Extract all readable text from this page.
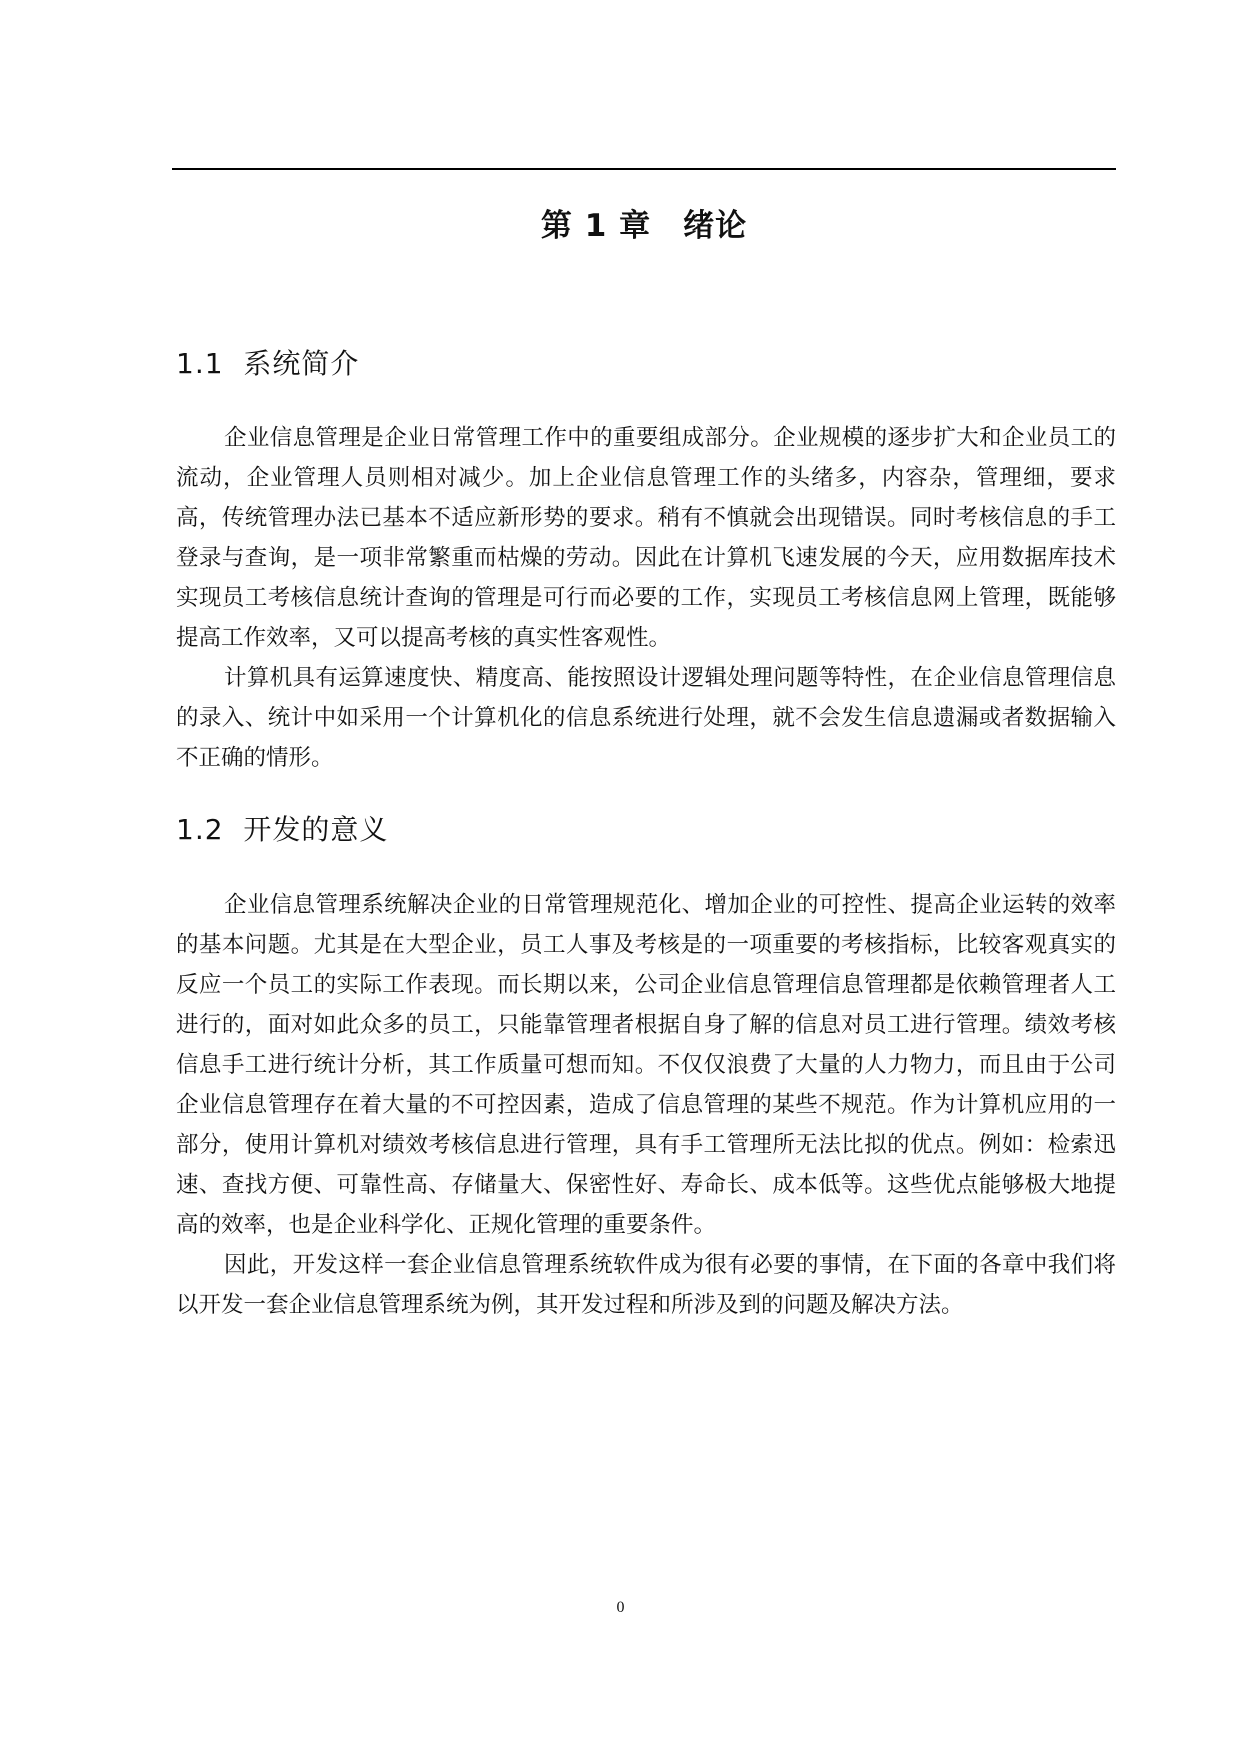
第 1 章　绪论
1.1  系统简介

企业信息管理是企业日常管理工作中的重要组成部分。企业规模的逐步扩大和企业员工的流动，企业管理人员则相对减少。加上企业信息管理工作的头绪多，内容杂，管理细，要求高，传统管理办法已基本不适应新形势的要求。稍有不慎就会出现错误。同时考核信息的手工登录与查询，是一项非常繁重而枯燥的劳动。因此在计算机飞速发展的今天，应用数据库技术实现员工考核信息统计查询的管理是可行而必要的工作，实现员工考核信息网上管理，既能够提高工作效率，又可以提高考核的真实性客观性。

计算机具有运算速度快、精度高、能按照设计逻辑处理问题等特性，在企业信息管理信息的录入、统计中如采用一个计算机化的信息系统进行处理，就不会发生信息遗漏或者数据输入不正确的情形。

1.2  开发的意义

企业信息管理系统解决企业的日常管理规范化、增加企业的可控性、提高企业运转的效率的基本问题。尤其是在大型企业，员工人事及考核是的一项重要的考核指标，比较客观真实的反应一个员工的实际工作表现。而长期以来，公司企业信息管理信息管理都是依赖管理者人工进行的，面对如此众多的员工，只能靠管理者根据自身了解的信息对员工进行管理。绩效考核信息手工进行统计分析，其工作质量可想而知。不仅仅浪费了大量的人力物力，而且由于公司企业信息管理存在着大量的不可控因素，造成了信息管理的某些不规范。作为计算机应用的一部分，使用计算机对绩效考核信息进行管理，具有手工管理所无法比拟的优点。例如：检索迅速、查找方便、可靠性高、存储量大、保密性好、寿命长、成本低等。这些优点能够极大地提高的效率，也是企业科学化、正规化管理的重要条件。

因此，开发这样一套企业信息管理系统软件成为很有必要的事情，在下面的各章中我们将以开发一套企业信息管理系统为例，其开发过程和所涉及到的问题及解决方法。

0
